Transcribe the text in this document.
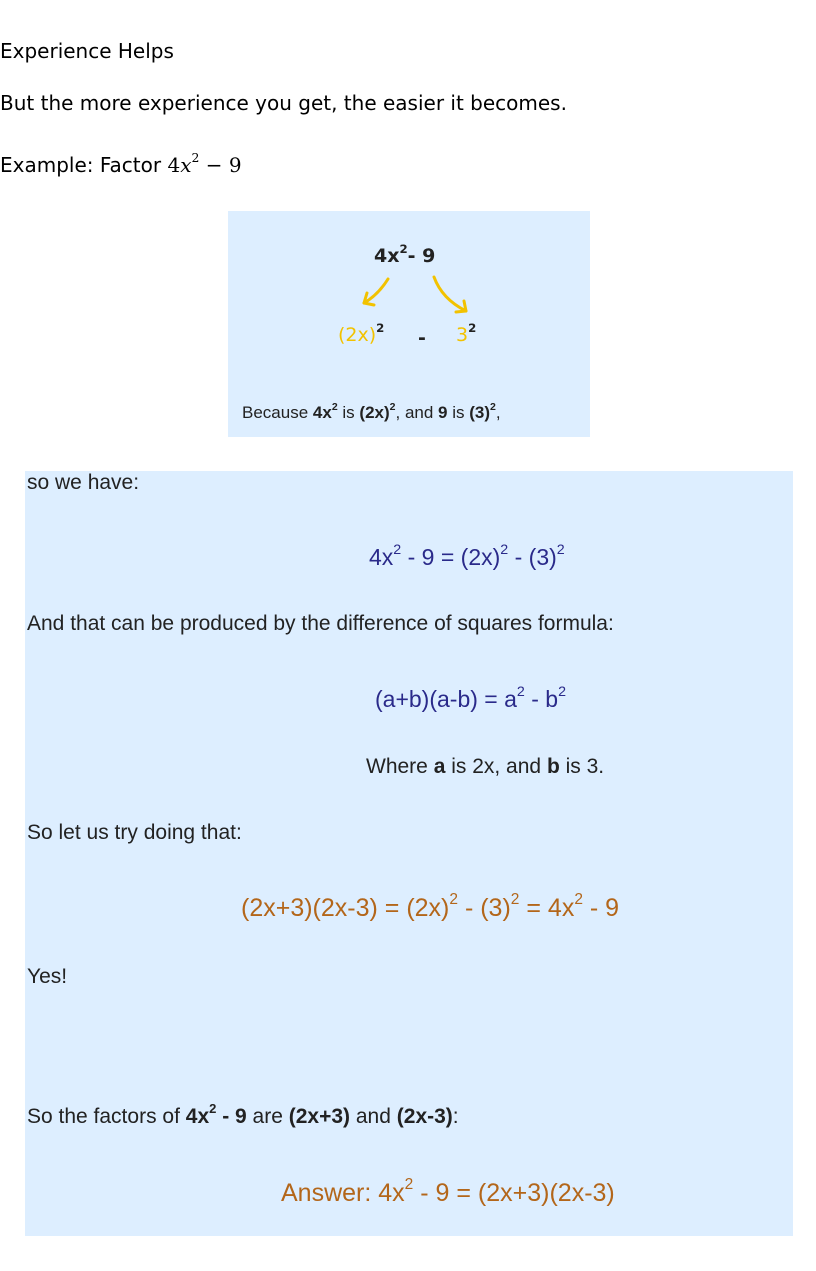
Experience Helps
But the more experience you get, the easier it becomes.
Example: Factor $4x^2 - 9$
$4x^2-$ 9
$(2x)^2 - 3^2$
Because $4x^2$ is $(2x)^2$, and 9 is $(3)^2$,
so we have:
$4x^2 - 9 = (2x)^2 - (3)^2$
And that can be produced by the difference of squares formula:
$(a+b)(a-b) = a^2 - b^2$
Where a is 2x, and b is 3.
So let us try doing that:
$(2x+3)(2x-3) = (2x)^2 - (3)^2 = 4x^2 - 9$
Yes!
So the factors of $4x^2 - 9$ are (2x+3) and (2x-3):
Answer: $4x^2 - 9 = (2x+3)(2x-3)$
